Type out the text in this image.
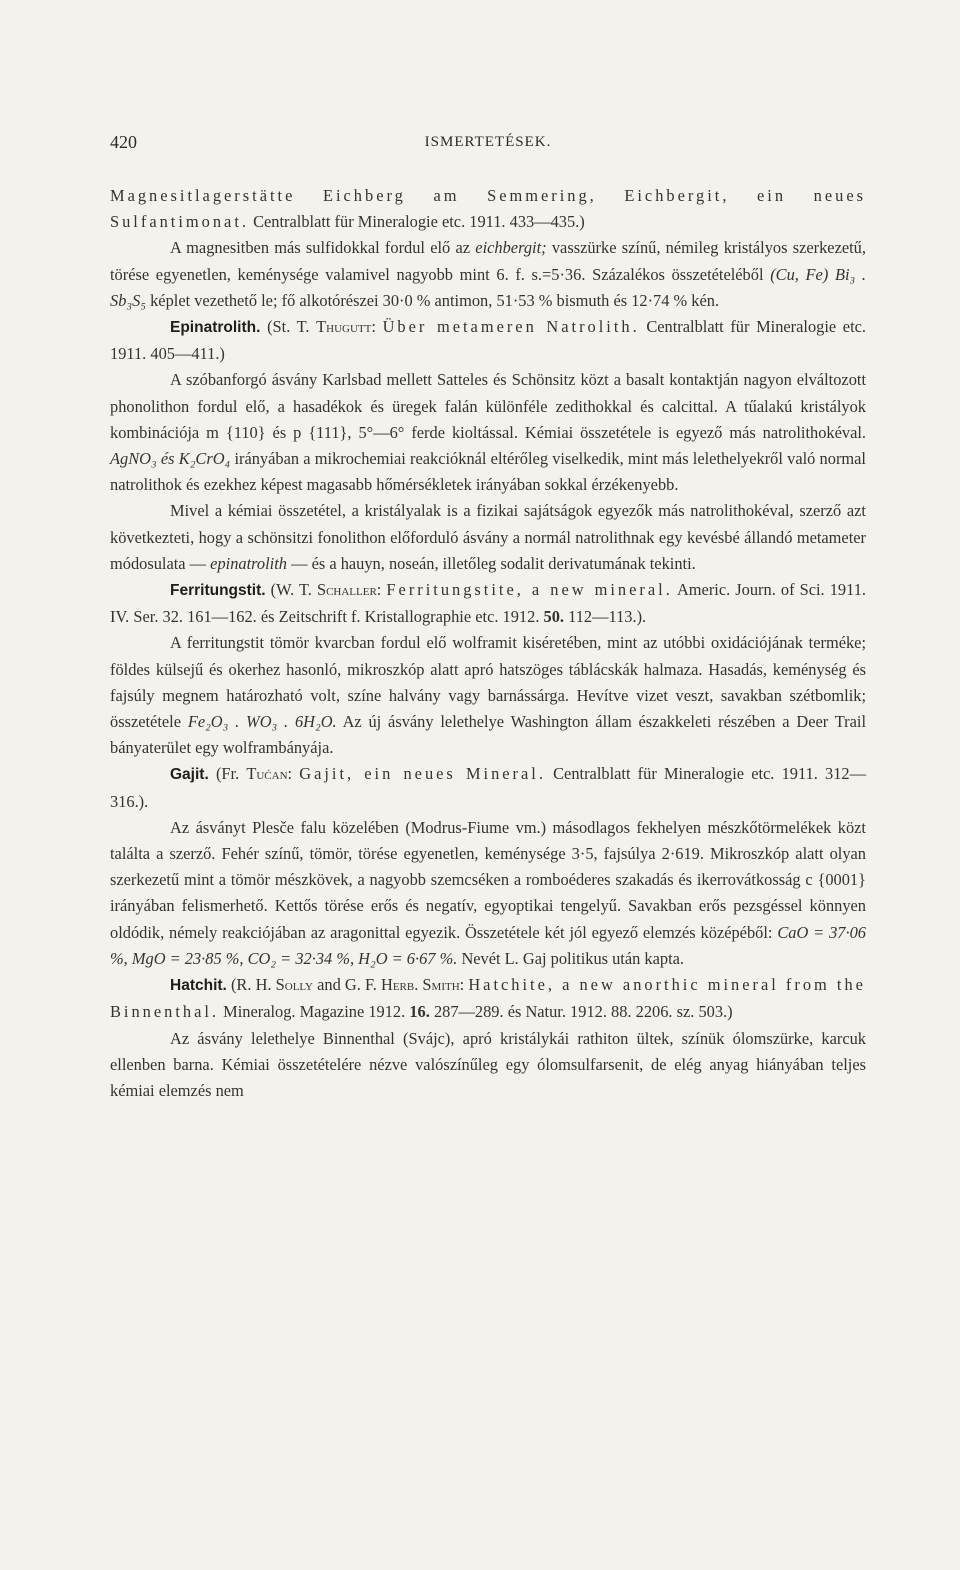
420	ISMERTETÉSEK.

Magnesitlagerstätte Eichberg am Semmering, Eichbergit, ein neues Sulfantimonat. Centralblatt für Mineralogie etc. 1911. 433—435.)

A magnesitben más sulfidokkal fordul elő az eichbergit; vasszürke színű, némileg kristályos szerkezetű, törése egyenetlen, keménysége valamivel nagyobb mint 6. f. s.=5·36. Százalékos összetételéből (Cu, Fe) Bi₃ . Sb₃S₅ képlet vezethető le; fő alkotórészei 30·0 % antimon, 51·53 % bismuth és 12·74 % kén.

Epinatrolith. (St. T. Thugutt: Über metameren Natrolith. Centralblatt für Mineralogie etc. 1911. 405—411.)

A szóbanforgó ásvány Karlsbad mellett Satteles és Schönsitz közt a basalt kontaktján nagyon elváltozott phonolithon fordul elő, a hasadékok és üregek falán különféle zedithokkal és calcittal. A tűalakú kristályok kombinációja m {110} és p {111}, 5°—6° ferde kioltással. Kémiai összetétele is egyező más natrolithokéval. AgNO₃ és K₂CrO₄ irányában a mikrochemiai reakcióknál eltérőleg viselkedik, mint más lelethelyekről való normal natrolithok és ezekhez képest magasabb hőmérsékletek irányában sokkal érzékenyebb.

Mivel a kémiai összetétel, a kristályalak is a fizikai sajátságok egyezők más natrolithokéval, szerző azt következteti, hogy a schönsitzi fonolithon előforduló ásvány a normál natrolithnak egy kevésbé állandó metameter módosulata — epinatrolith — és a hauyn, noseán, illetőleg sodalit derivatumának tekinti.

Ferritungstit. (W. T. Schaller: Ferritungstite, a new mineral. Americ. Journ. of Sci. 1911. IV. Ser. 32. 161—162. és Zeitschrift f. Kristallographie etc. 1912. 50. 112—113.).

A ferritungstit tömör kvarcban fordul elő wolframit kiséretében, mint az utóbbi oxidációjának terméke; földes külsejű és okerhez hasonló, mikroszkóp alatt apró hatszöges táblácskák halmaza. Hasadás, keménység és fajsúly megnem határozható volt, színe halvány vagy barnássárga. Hevítve vizet veszt, savakban szétbomlik; összetétele Fe₂O₃ . WO₃ . 6H₂O. Az új ásvány lelethelye Washington állam északkeleti részében a Deer Trail bányaterület egy wolframbányája.

Gajit. (Fr. Tućan: Gajit, ein neues Mineral. Centralblatt für Mineralogie etc. 1911. 312—316.).

Az ásványt Plesče falu közelében (Modrus-Fiume vm.) másodlagos fekhelyen mészkőtörmelékek közt találta a szerző. Fehér színű, tömör, törése egyenetlen, keménysége 3·5, fajsúlya 2·619. Mikroszkóp alatt olyan szerkezetű mint a tömör mészkövek, a nagyobb szemcséken a romboéderes szakadás és ikerrovátkosság c {0001} irányában felismerhető. Kettős törése erős és negatív, egyoptikai tengelyű. Savakban erős pezsgéssel könnyen oldódik, némely reakciójában az aragonittal egyezik. Összetétele két jól egyező elemzés középéből: CaO = 37·06 %, MgO = 23·85 %, CO₂ = 32·34 %, H₂O = 6·67 %. Nevét L. Gaj politikus után kapta.

Hatchit. (R. H. Solly and G. F. Herb. Smith: Hatchite, a new anorthic mineral from the Binnenthal. Mineralog. Magazine 1912. 16. 287—289. és Natur. 1912. 88. 2206. sz. 503.)

Az ásvány lelethelye Binnenthal (Svájc), apró kristálykái rathiton ültek, színük ólomszürke, karcuk ellenben barna. Kémiai összetételére nézve valószínűleg egy ólomsulfarsenit, de elég anyag hiányában teljes kémiai elemzés nem
